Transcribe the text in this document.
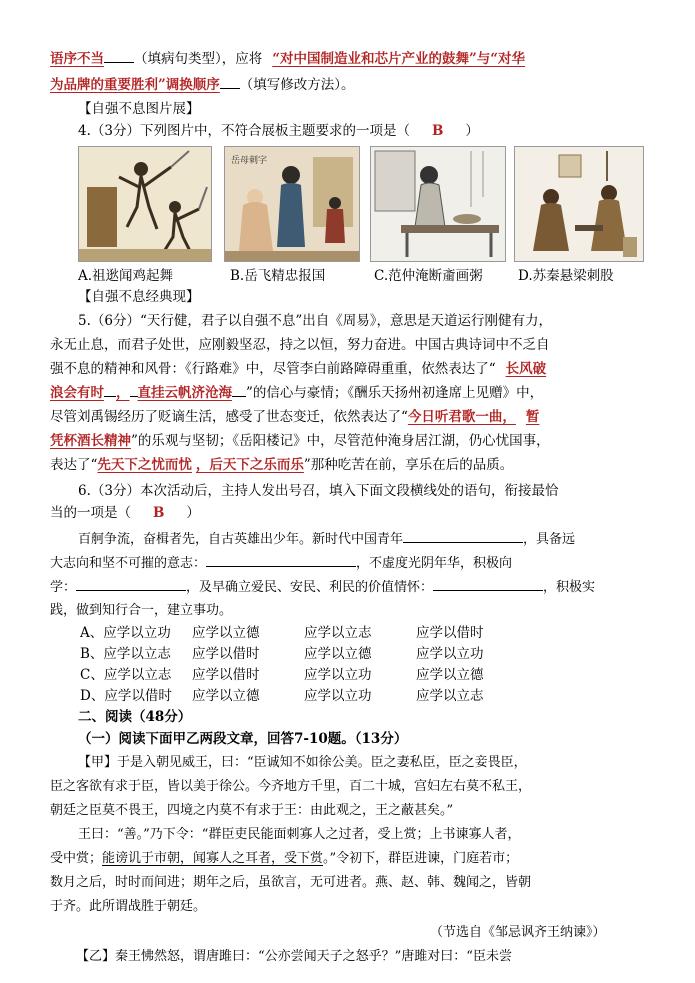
语序不当 （填病句类型），应将 “对中国制造业和芯片产业的鼓舞”与“对华
为品牌的重要胜利”调换顺序 （填写修改方法）。
【自强不息图片展】
4.（3分）下列图片中，不符合展板主题要求的一项是（ B ）
岳母刺字
A.祖逖闻鸡起舞	B.岳飞精忠报国	C.范仲淹断齑画粥	D.苏秦悬梁刺股
【自强不息经典现】
5.（6分）“天行健，君子以自强不息”出自《周易》，意思是天道运行刚健有力，
永无止息，而君子处世，应刚毅坚忍，持之以恒，努力奋进。中国古典诗词中不乏自
强不息的精神和风骨：《行路难》中，尽管李白前路障碍重重，依然表达了“ 长风破
浪会有时 ， 直挂云帆济沧海 ”的信心与豪情；《酬乐天扬州初逢席上见赠》中，
尽管刘禹锡经历了贬谪生活，感受了世态变迁，依然表达了“今日听君歌一曲， 暂
凭杯酒长精神”的乐观与坚韧；《岳阳楼记》中，尽管范仲淹身居江湖，仍心忧国事，
表达了“先天下之忧而忧 ，后天下之乐而乐”那种吃苦在前，享乐在后的品质。
6.（3分）本次活动后，主持人发出号召，填入下面文段横线处的语句，衔接最恰
当的一项是（ B ）
百舸争流，奋楫者先，自古英雄出少年。新时代中国青年	，具备远
大志向和坚不可摧的意志：	，不虚度光阴年华，积极向
学：	，及早确立爱民、安民、利民的价值情怀：	，积极实
践，做到知行合一，建立事功。
A、应学以立功 应学以立德	应学以立志	应学以借时
B、应学以立志 应学以借时	应学以立德	应学以立功
C、应学以立志 应学以借时	应学以立功	应学以立德
D、应学以借时 应学以立德	应学以立功	应学以立志
二、阅读（48分）
（一）阅读下面甲乙两段文章，回答7-10题。（13分）
【甲】于是入朝见威王，曰：“臣诚知不如徐公美。臣之妻私臣，臣之妾畏臣，
臣之客欲有求于臣，皆以美于徐公。今齐地方千里，百二十城，宫妇左右莫不私王，
朝廷之臣莫不畏王，四境之内莫不有求于王：由此观之，王之蔽甚矣。”
王曰：“善。”乃下令：“群臣吏民能面刺寡人之过者，受上赏；上书谏寡人者，
受中赏；能谤讥于市朝，闻寡人之耳者，受下赏。”令初下，群臣进谏，门庭若市；
数月之后，时时而间进；期年之后，虽欲言，无可进者。燕、赵、韩、魏闻之，皆朝
于齐。此所谓战胜于朝廷。
（节选自《邹忌讽齐王纳谏》）
【乙】秦王怫然怒，谓唐雎曰：“公亦尝闻天子之怒乎？”唐雎对曰：“臣未尝
